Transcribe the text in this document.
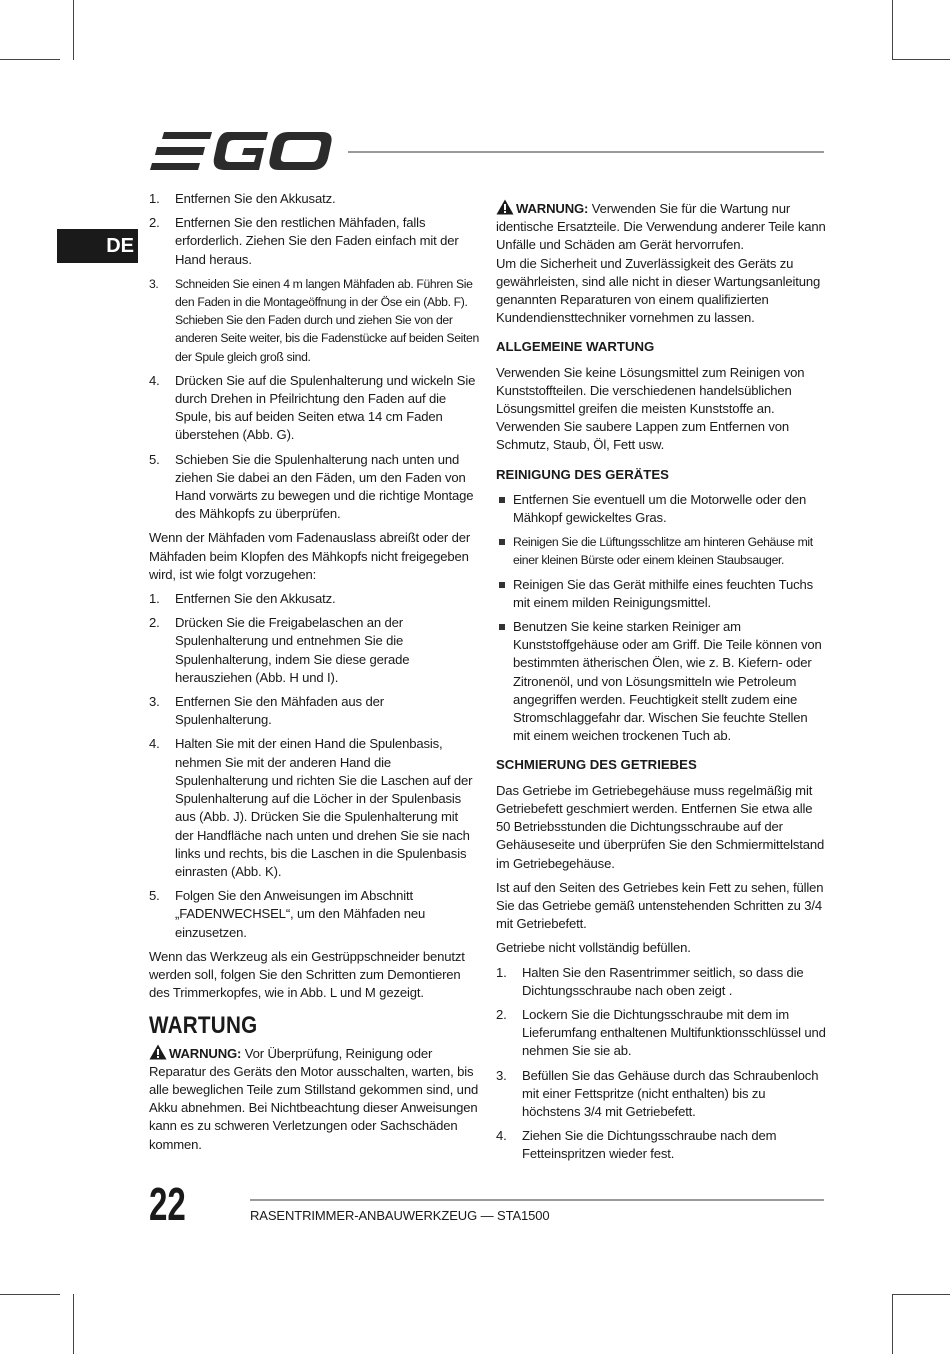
DE
1. Entfernen Sie den Akkusatz.
2. Entfernen Sie den restlichen Mähfaden, falls erforderlich. Ziehen Sie den Faden einfach mit der Hand heraus.
3. Schneiden Sie einen 4 m langen Mähfaden ab. Führen Sie den Faden in die Montageöffnung in der Öse ein (Abb. F). Schieben Sie den Faden durch und ziehen Sie von der anderen Seite weiter, bis die Fadenstücke auf beiden Seiten der Spule gleich groß sind.
4. Drücken Sie auf die Spulenhalterung und wickeln Sie durch Drehen in Pfeilrichtung den Faden auf die Spule, bis auf beiden Seiten etwa 14 cm Faden überstehen (Abb. G).
5. Schieben Sie die Spulenhalterung nach unten und ziehen Sie dabei an den Fäden, um den Faden von Hand vorwärts zu bewegen und die richtige Montage des Mähkopfs zu überprüfen.

Wenn der Mähfaden vom Fadenauslass abreißt oder der Mähfaden beim Klopfen des Mähkopfs nicht freigegeben wird, ist wie folgt vorzugehen:

1. Entfernen Sie den Akkusatz.
2. Drücken Sie die Freigabelaschen an der Spulenhalterung und entnehmen Sie die Spulenhalterung, indem Sie diese gerade herausziehen (Abb. H und I).
3. Entfernen Sie den Mähfaden aus der Spulenhalterung.
4. Halten Sie mit der einen Hand die Spulenbasis, nehmen Sie mit der anderen Hand die Spulenhalterung und richten Sie die Laschen auf der Spulenhalterung auf die Löcher in der Spulenbasis aus (Abb. J). Drücken Sie die Spulenhalterung mit der Handfläche nach unten und drehen Sie sie nach links und rechts, bis die Laschen in die Spulenbasis einrasten (Abb. K).
5. Folgen Sie den Anweisungen im Abschnitt „FADENWECHSEL“, um den Mähfaden neu einzusetzen.

Wenn das Werkzeug als ein Gestrüppschneider benutzt werden soll, folgen Sie den Schritten zum Demontieren des Trimmerkopfes, wie in Abb. L und M gezeigt.

WARTUNG

WARNUNG: Vor Überprüfung, Reinigung oder Reparatur des Geräts den Motor ausschalten, warten, bis alle beweglichen Teile zum Stillstand gekommen sind, und Akku abnehmen. Bei Nichtbeachtung dieser Anweisungen kann es zu schweren Verletzungen oder Sachschäden kommen.

WARNUNG: Verwenden Sie für die Wartung nur identische Ersatzteile. Die Verwendung anderer Teile kann Unfälle und Schäden am Gerät hervorrufen.
Um die Sicherheit und Zuverlässigkeit des Geräts zu gewährleisten, sind alle nicht in dieser Wartungsanleitung genannten Reparaturen von einem qualifizierten Kundendiensttechniker vornehmen zu lassen.

ALLGEMEINE WARTUNG

Verwenden Sie keine Lösungsmittel zum Reinigen von Kunststoffteilen. Die verschiedenen handelsüblichen Lösungsmittel greifen die meisten Kunststoffe an. Verwenden Sie saubere Lappen zum Entfernen von Schmutz, Staub, Öl, Fett usw.

REINIGUNG DES GERÄTES
Entfernen Sie eventuell um die Motorwelle oder den Mähkopf gewickeltes Gras.
Reinigen Sie die Lüftungsschlitze am hinteren Gehäuse mit einer kleinen Bürste oder einem kleinen Staubsauger.
Reinigen Sie das Gerät mithilfe eines feuchten Tuchs mit einem milden Reinigungsmittel.
Benutzen Sie keine starken Reiniger am Kunststoffgehäuse oder am Griff. Die Teile können von bestimmten ätherischen Ölen, wie z. B. Kiefern- oder Zitronenöl, und von Lösungsmitteln wie Petroleum angegriffen werden. Feuchtigkeit stellt zudem eine Stromschlaggefahr dar. Wischen Sie feuchte Stellen mit einem weichen trockenen Tuch ab.
SCHMIERUNG DES GETRIEBES

Das Getriebe im Getriebegehäuse muss regelmäßig mit Getriebefett geschmiert werden. Entfernen Sie etwa alle 50 Betriebsstunden die Dichtungsschraube auf der Gehäuseseite und überprüfen Sie den Schmiermittelstand im Getriebegehäuse.

Ist auf den Seiten des Getriebes kein Fett zu sehen, füllen Sie das Getriebe gemäß untenstehenden Schritten zu 3/4 mit Getriebefett.

Getriebe nicht vollständig befüllen.

1. Halten Sie den Rasentrimmer seitlich, so dass die Dichtungsschraube nach oben zeigt .
2. Lockern Sie die Dichtungsschraube mit dem im Lieferumfang enthaltenen Multifunktionsschlüssel und nehmen Sie sie ab.
3. Befüllen Sie das Gehäuse durch das Schraubenloch mit einer Fettspritze (nicht enthalten) bis zu höchstens 3/4 mit Getriebefett.
4. Ziehen Sie die Dichtungsschraube nach dem Fetteinspritzen wieder fest.
22	RASENTRIMMER-ANBAUWERKZEUG — STA1500
